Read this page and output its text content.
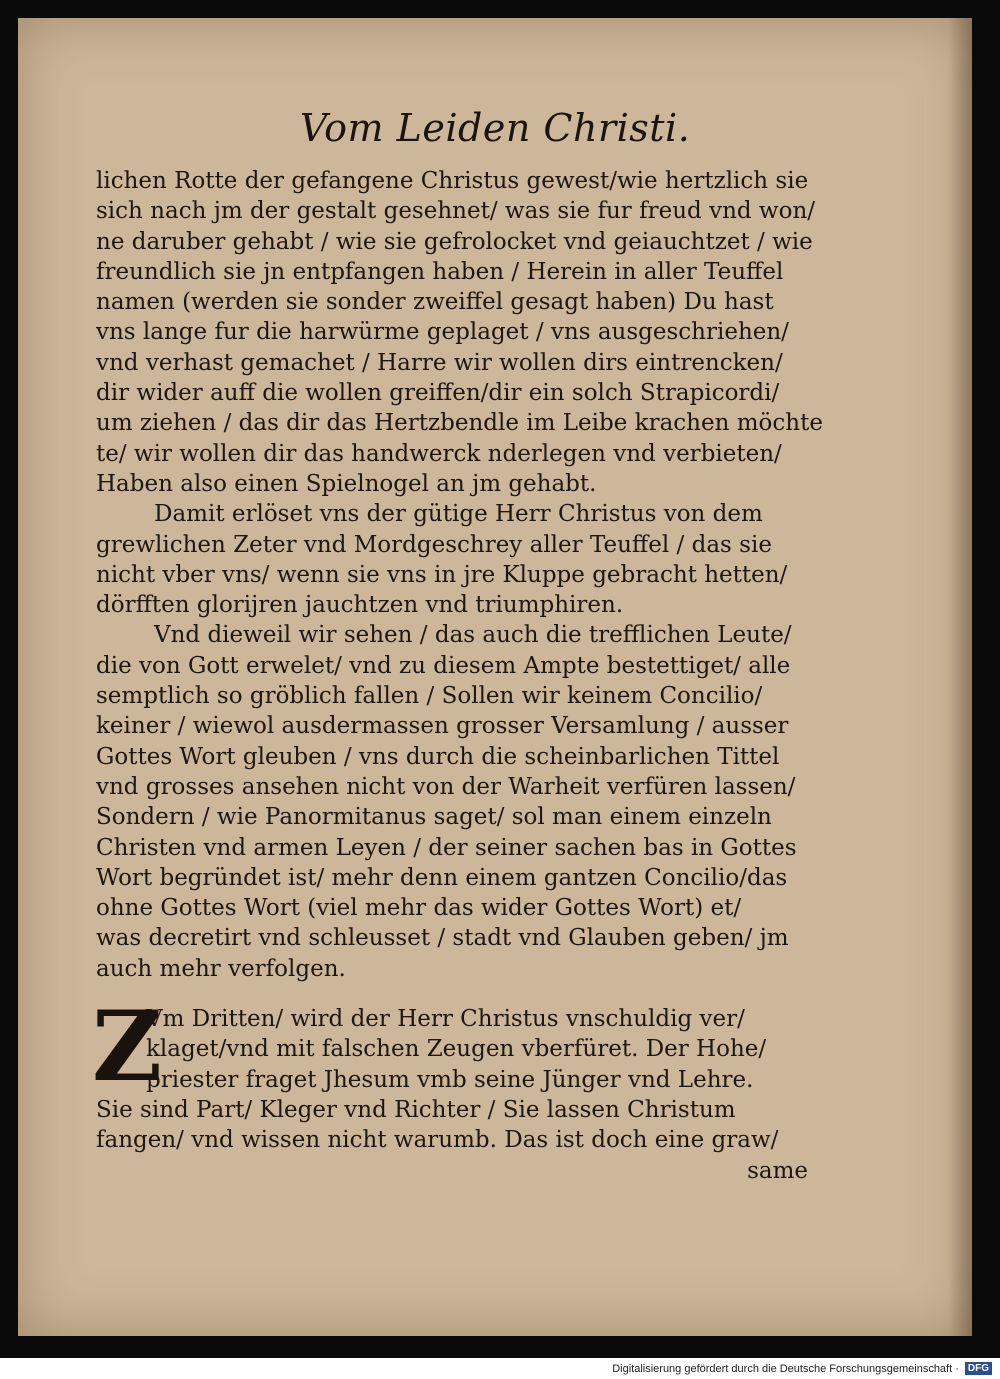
Vom Leiden Christi.
lichen Rotte der gefangene Christus gewest/wie hertzlich sie
sich nach jm der gestalt gesehnet/ was sie fur freud vnd won/
ne daruber gehabt / wie sie gefrolocket vnd geiauchtzet / wie
freundlich sie jn entpfangen haben / Herein in aller Teuffel
namen (werden sie sonder zweiffel gesagt haben) Du hast
vns lange fur die harwürme geplaget / vns ausgeschriehen/
vnd verhast gemachet / Harre wir wollen dirs eintrencken/
dir wider auff die wollen greiffen/dir ein solch Strapicordi/
um ziehen / das dir das Hertzbendle im Leibe krachen möchte
te/ wir wollen dir das handwerck nderlegen vnd verbieten/
Haben also einen Spielnogel an jm gehabt.
Damit erlöset vns der gütige Herr Christus von dem
grewlichen Zeter vnd Mordgeschrey aller Teuffel / das sie
nicht vber vns/ wenn sie vns in jre Kluppe gebracht hetten/
dörfften glorijren jauchtzen vnd triumphiren.
Vnd dieweil wir sehen / das auch die trefflichen Leute/
die von Gott erwelet/ vnd zu diesem Ampte bestettiget/ alle
semptlich so gröblich fallen / Sollen wir keinem Concilio/
keiner / wiewol ausdermassen grosser Versamlung / ausser
Gottes Wort gleuben / vns durch die scheinbarlichen Tittel
vnd grosses ansehen nicht von der Warheit verfüren lassen/
Sondern / wie Panormitanus saget/ sol man einem einzeln
Christen vnd armen Leyen / der seiner sachen bas in Gottes
Wort begründet ist/ mehr denn einem gantzen Concilio/das
ohne Gottes Wort (viel mehr das wider Gottes Wort) et/
was decretirt vnd schleusset / stadt vnd Glauben geben/ jm
auch mehr verfolgen.
Z
Vm Dritten/ wird der Herr Christus vnschuldig ver/
klaget/vnd mit falschen Zeugen vberfüret. Der Hohe/
priester fraget Jhesum vmb seine Jünger vnd Lehre.
Sie sind Part/ Kleger vnd Richter / Sie lassen Christum
fangen/ vnd wissen nicht warumb. Das ist doch eine graw/
same
Digitalisierung gefördert durch die Deutsche Forschungsgemeinschaft · DFG
